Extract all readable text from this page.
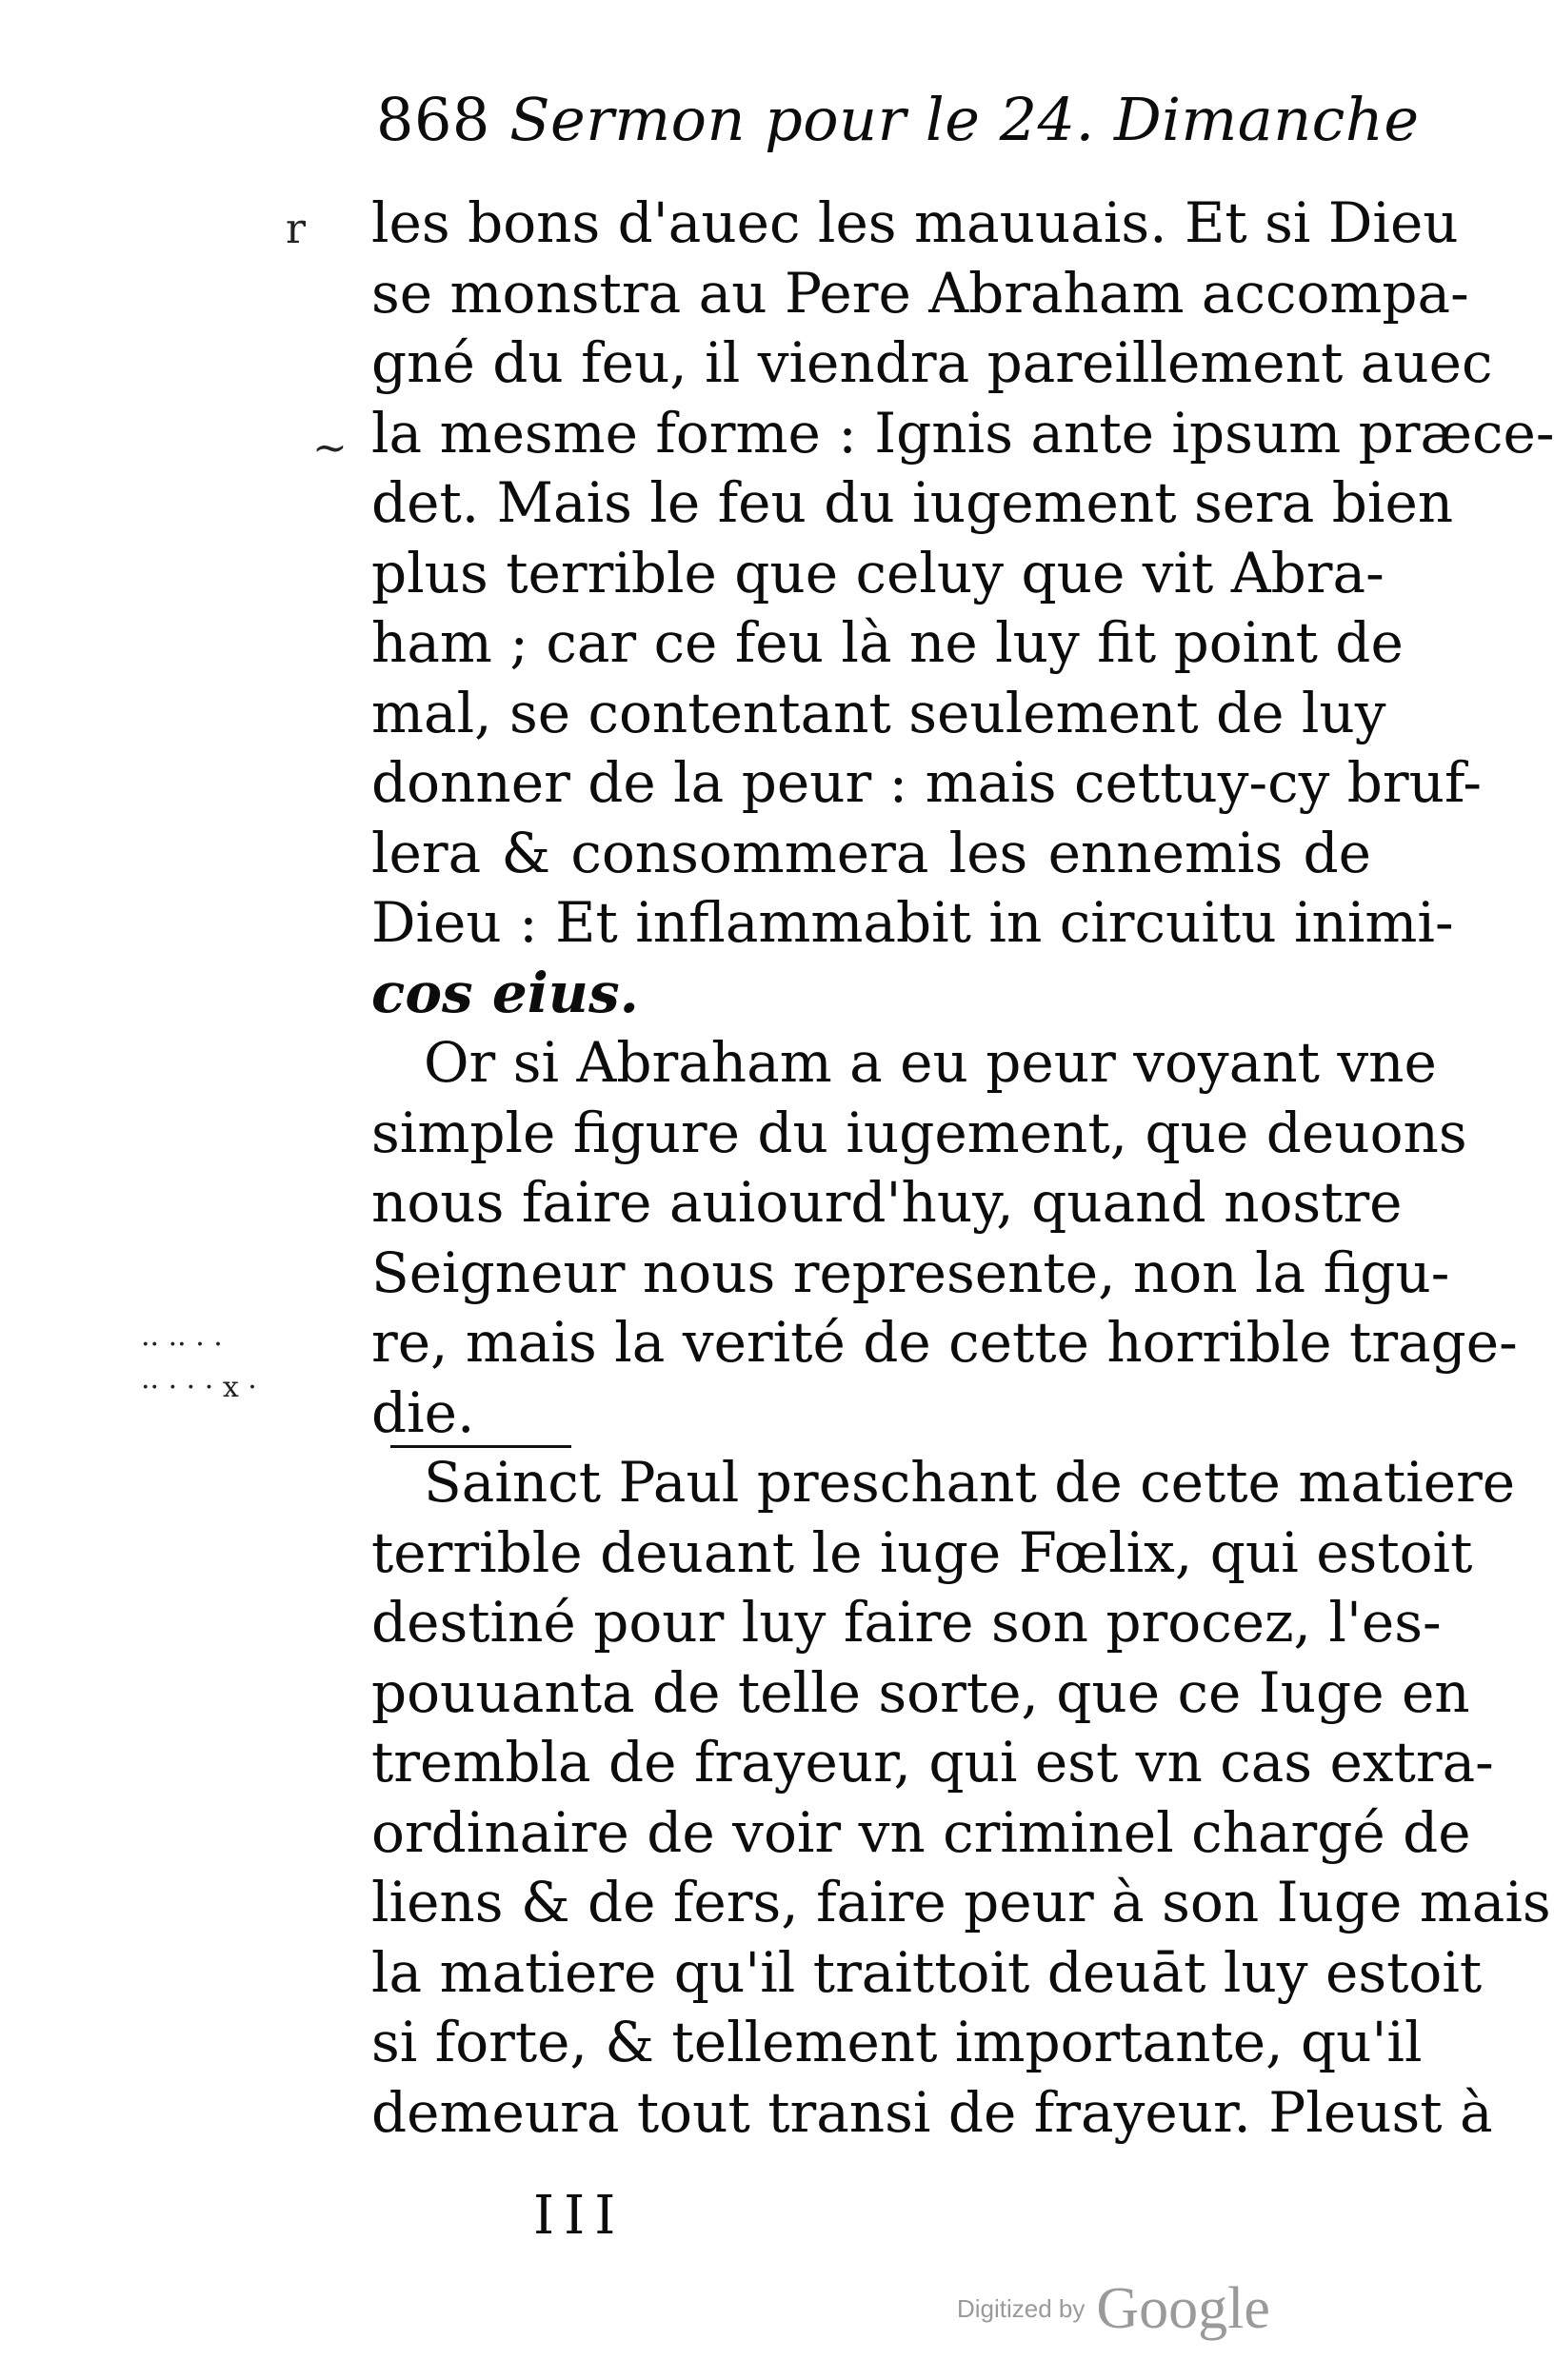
868 Sermon pour le 24. Dimanche
r
~
·· ·· · ·
·· · · · x ·
les bons d'auec les mauuais. Et si Dieu
se monstra au Pere Abraham accompa-
gné du feu, il viendra pareillement auec
la mesme forme : Ignis ante ipsum præce-
det. Mais le feu du iugement sera bien
plus terrible que celuy que vit Abra-
ham ; car ce feu là ne luy fit point de
mal, se contentant seulement de luy
donner de la peur : mais cettuy-cy bruf-
lera & consommera les ennemis de
Dieu : Et inflammabit in circuitu inimi-
cos eius.
Or si Abraham a eu peur voyant vne
simple figure du iugement, que deuons
nous faire auiourd'huy, quand nostre
Seigneur nous represente, non la figu-
re, mais la verité de cette horrible trage-
die.
Sainct Paul preschant de cette matiere
terrible deuant le iuge Fœlix, qui estoit
destiné pour luy faire son procez, l'es-
pouuanta de telle sorte, que ce Iuge en
trembla de frayeur, qui est vn cas extra-
ordinaire de voir vn criminel chargé de
liens & de fers, faire peur à son Iuge mais
la matiere qu'il traittoit deuāt luy estoit
si forte, & tellement importante, qu'il
demeura tout transi de frayeur. Pleust à
III
Digitized by Google
